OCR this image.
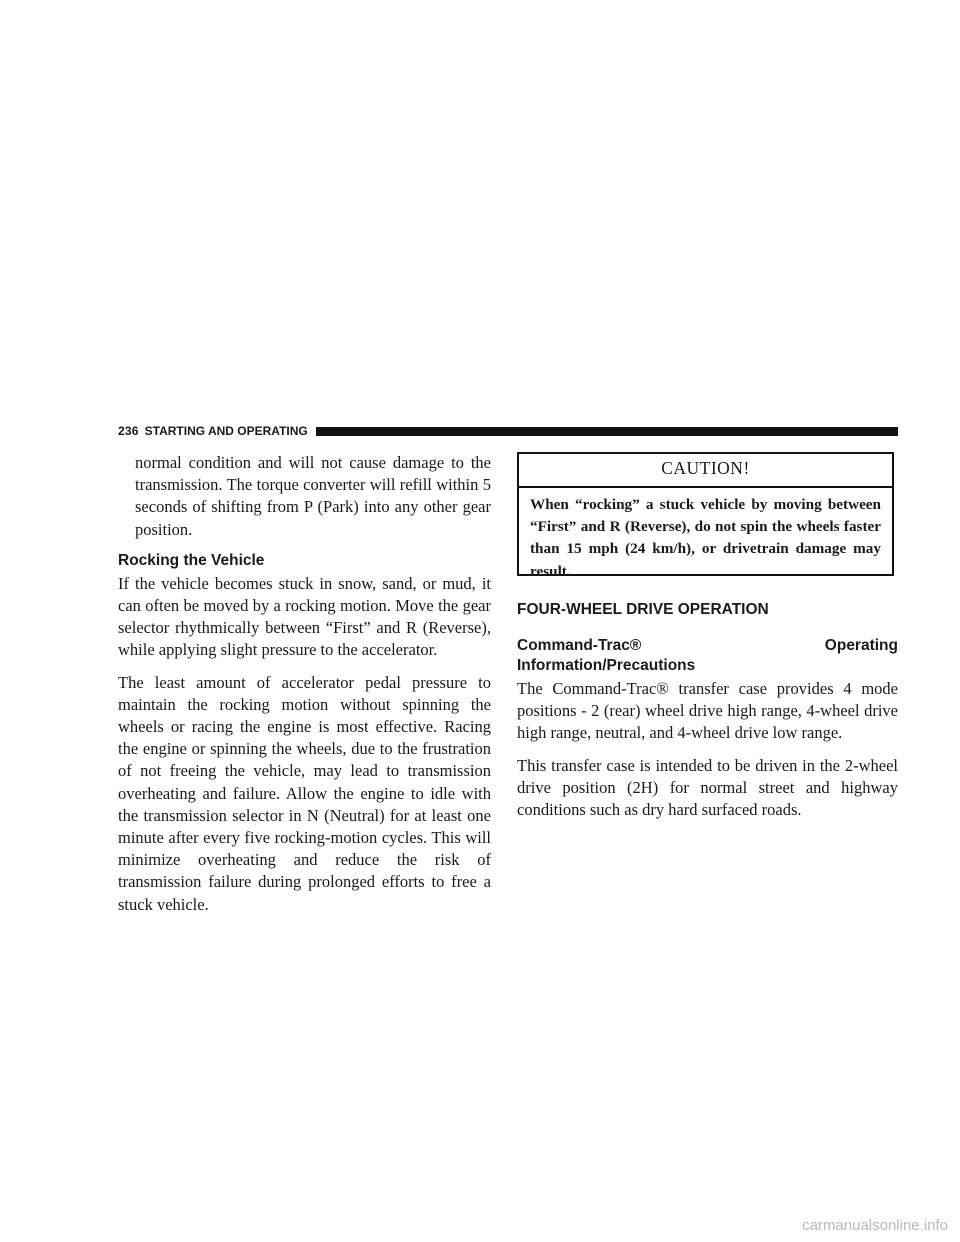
236 STARTING AND OPERATING

normal condition and will not cause damage to the transmission. The torque converter will refill within 5 seconds of shifting from P (Park) into any other gear position.

Rocking the Vehicle

If the vehicle becomes stuck in snow, sand, or mud, it can often be moved by a rocking motion. Move the gear selector rhythmically between “First” and R (Reverse), while applying slight pressure to the accelerator.

The least amount of accelerator pedal pressure to maintain the rocking motion without spinning the wheels or racing the engine is most effective. Racing the engine or spinning the wheels, due to the frustration of not freeing the vehicle, may lead to transmission overheating and failure. Allow the engine to idle with the transmission selector in N (Neutral) for at least one minute after every five rocking-motion cycles. This will minimize overheating and reduce the risk of transmission failure during prolonged efforts to free a stuck vehicle.

CAUTION!
When “rocking” a stuck vehicle by moving between “First” and R (Reverse), do not spin the wheels faster than 15 mph (24 km/h), or drivetrain damage may result.
FOUR-WHEEL DRIVE OPERATION
Command-Trac® Operating Information/Precautions

The Command-Trac® transfer case provides 4 mode positions - 2 (rear) wheel drive high range, 4-wheel drive high range, neutral, and 4-wheel drive low range.

This transfer case is intended to be driven in the 2-wheel drive position (2H) for normal street and highway conditions such as dry hard surfaced roads.

carmanualsonline.info
